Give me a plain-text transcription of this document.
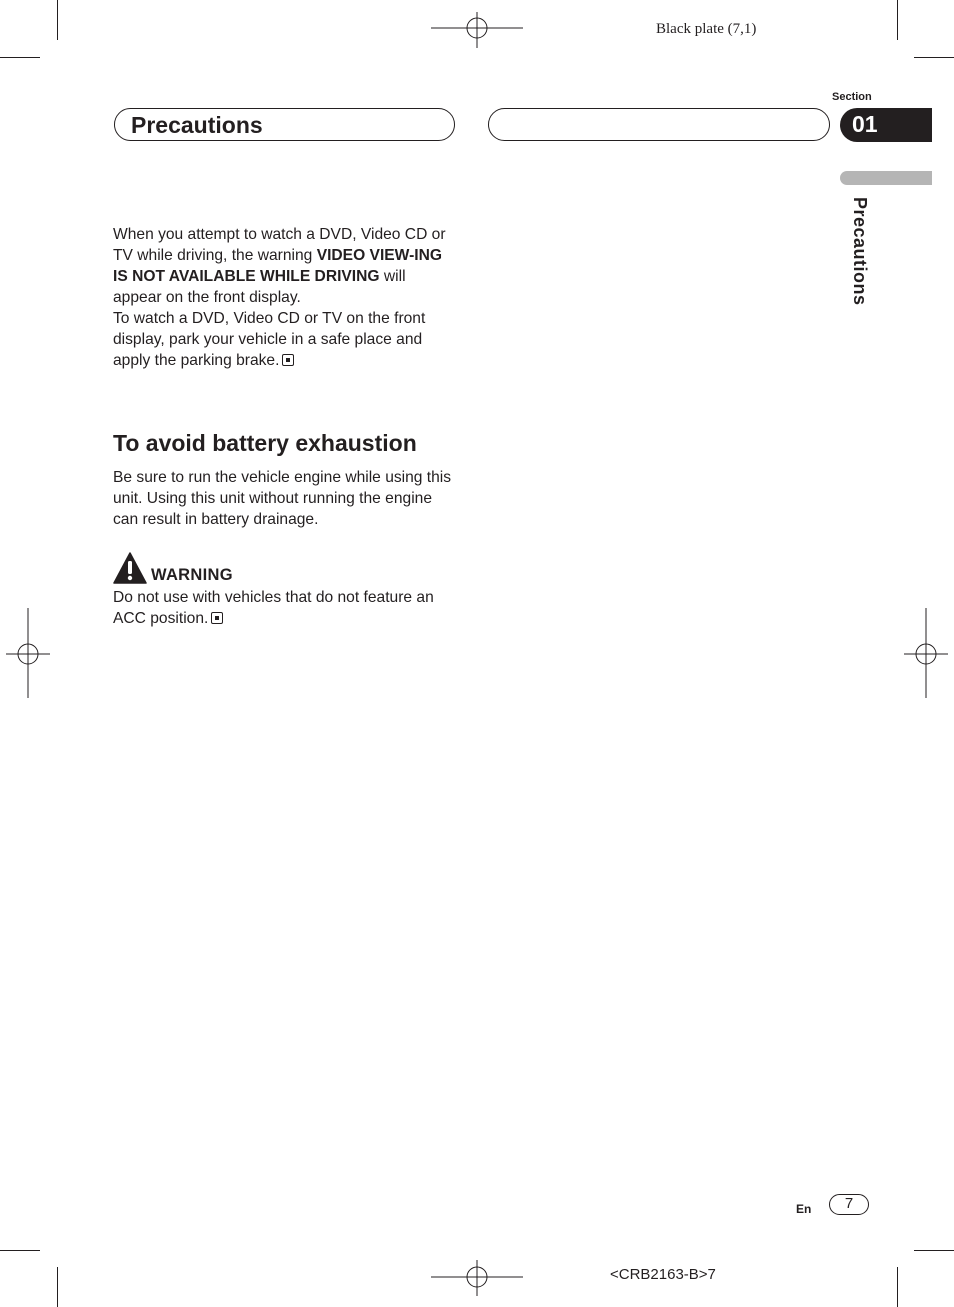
Black plate (7,1)
Precautions
Section
01
Precautions
When you attempt to watch a DVD, Video CD or TV while driving, the warning VIDEO VIEW-ING IS NOT AVAILABLE WHILE DRIVING will appear on the front display.
To watch a DVD, Video CD or TV on the front display, park your vehicle in a safe place and apply the parking brake.
To avoid battery exhaustion
Be sure to run the vehicle engine while using this unit. Using this unit without running the engine can result in battery drainage.
WARNING
Do not use with vehicles that do not feature an ACC position.
En	7
<CRB2163-B>7
